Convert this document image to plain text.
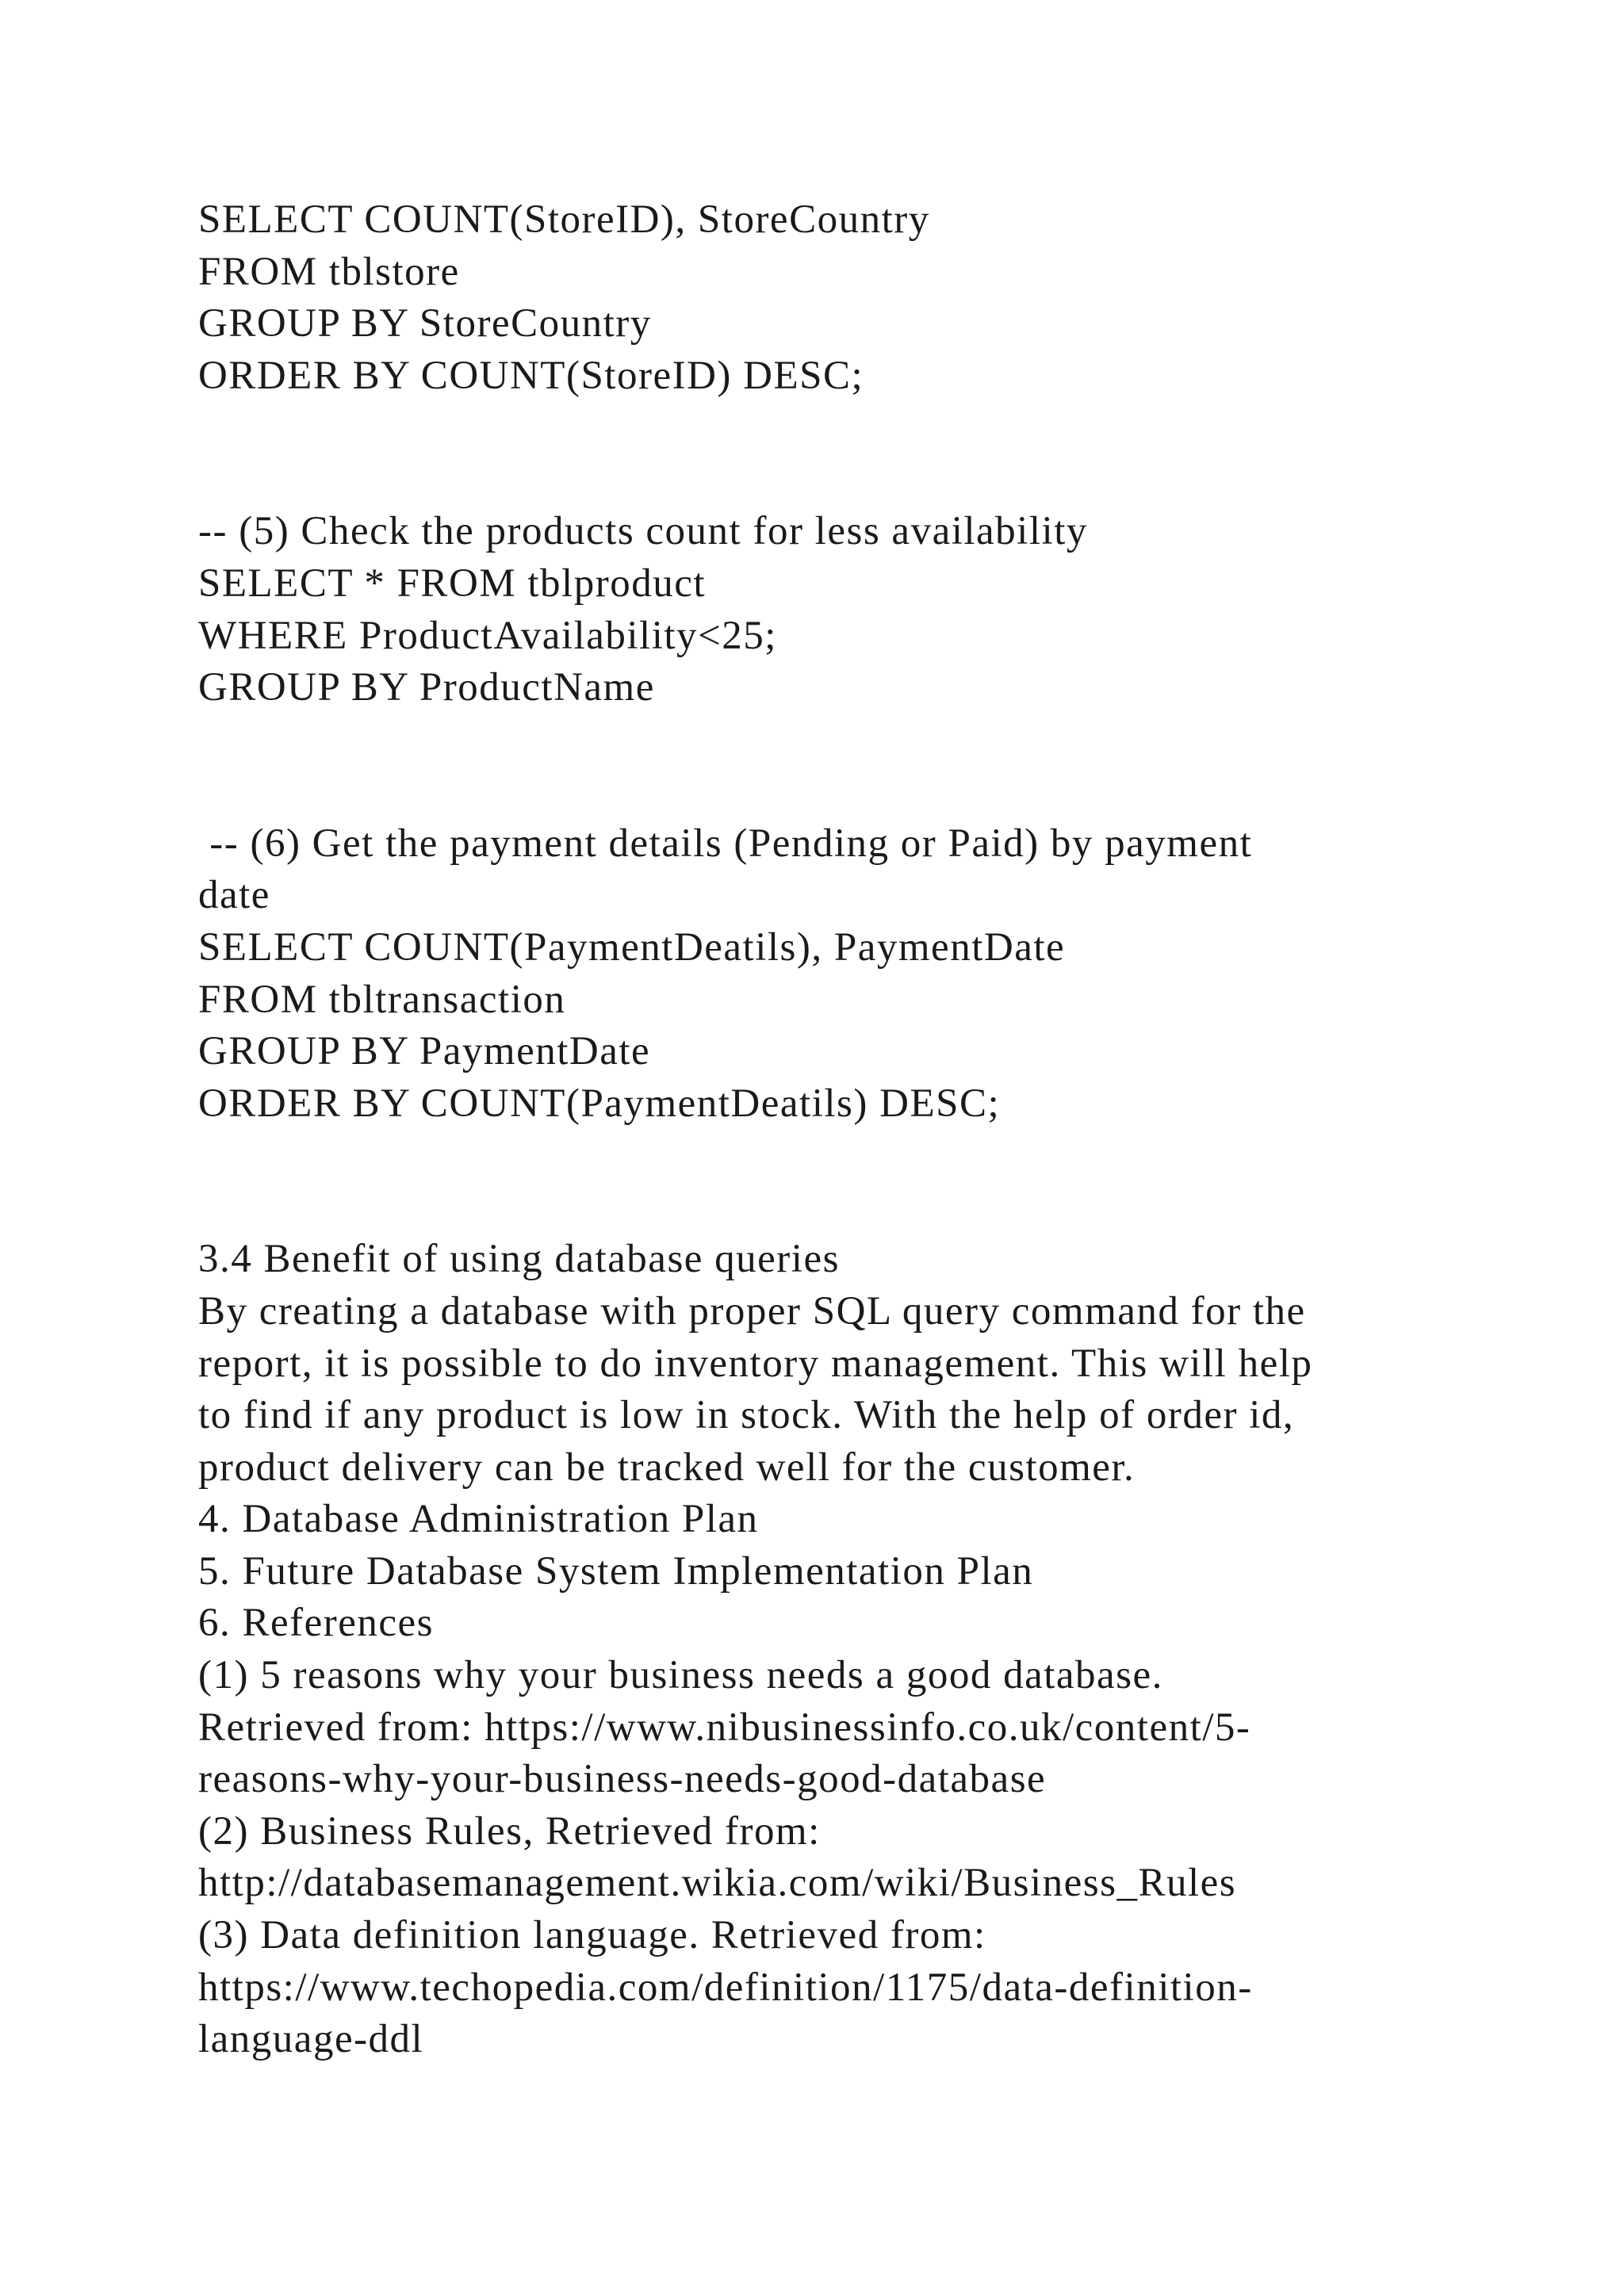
SELECT COUNT(StoreID), StoreCountry
FROM tblstore
GROUP BY StoreCountry
ORDER BY COUNT(StoreID) DESC;
-- (5) Check the products count for less availability
SELECT * FROM tblproduct
WHERE ProductAvailability<25;
GROUP BY ProductName
-- (6) Get the payment details (Pending or Paid) by payment
date
SELECT COUNT(PaymentDeatils), PaymentDate
FROM tbltransaction
GROUP BY PaymentDate
ORDER BY COUNT(PaymentDeatils) DESC;
3.4 Benefit of using database queries
By creating a database with proper SQL query command for the
report, it is possible to do inventory management. This will help
to find if any product is low in stock. With the help of order id,
product delivery can be tracked well for the customer.
4. Database Administration Plan
5. Future Database System Implementation Plan
6. References
(1) 5 reasons why your business needs a good database.
Retrieved from: https://www.nibusinessinfo.co.uk/content/5-
reasons-why-your-business-needs-good-database
(2) Business Rules, Retrieved from:
http://databasemanagement.wikia.com/wiki/Business_Rules
(3) Data definition language. Retrieved from:
https://www.techopedia.com/definition/1175/data-definition-
language-ddl
